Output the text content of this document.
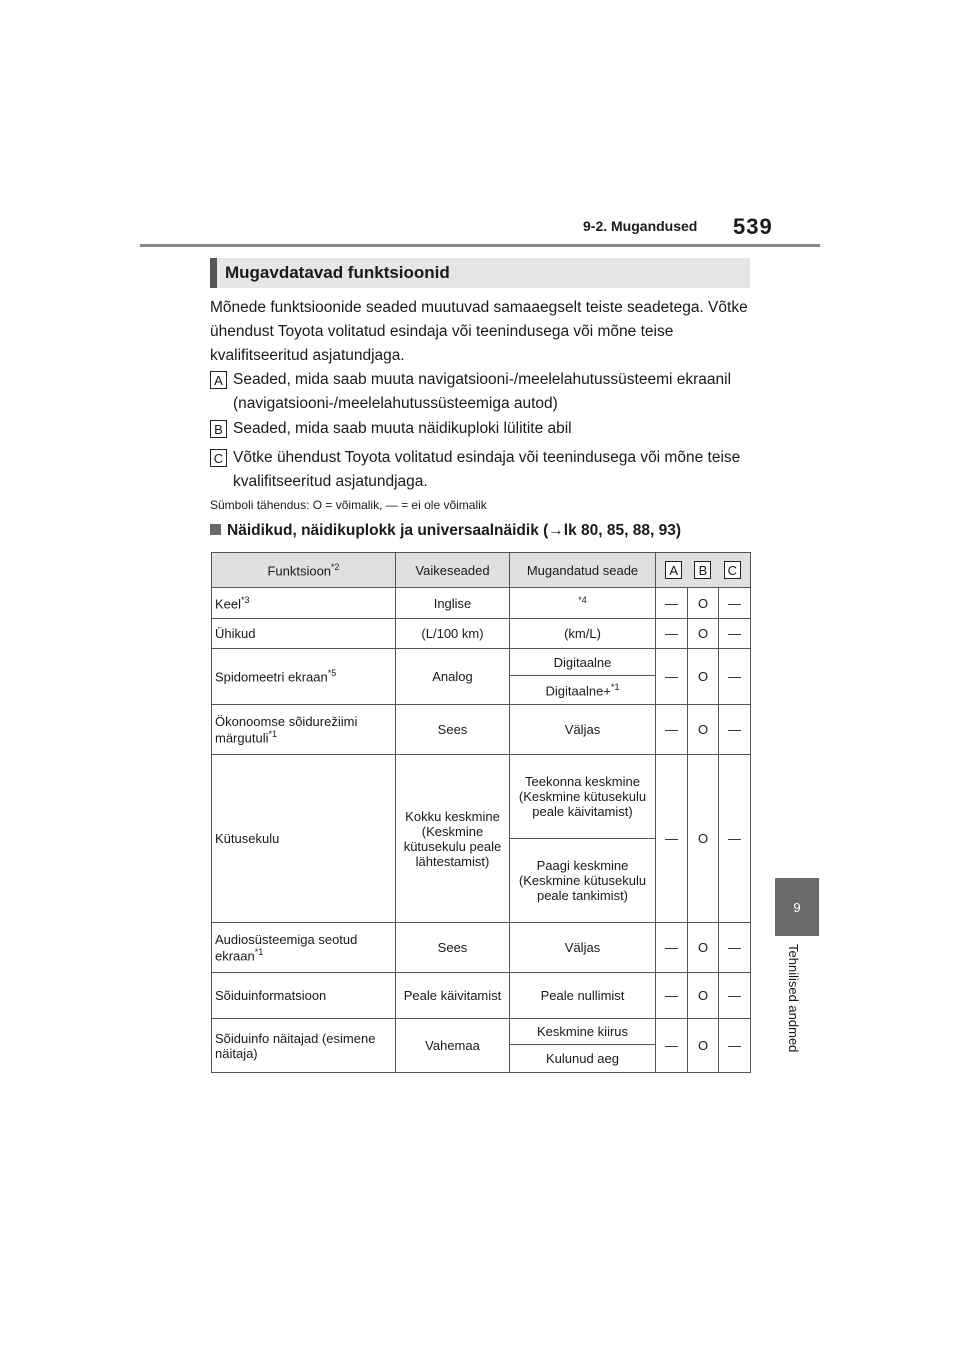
9-2. Mugandused 539
9
Tehnilised andmed
Mugavdatavad funktsioonid

Mõnede funktsioonide seaded muutuvad samaaegselt teiste seadetega. Võtke ühendust Toyota volitatud esindaja või teenindusega või mõne teise kvalifitseeritud asjatundjaga.

A Seaded, mida saab muuta navigatsiooni-/meelelahutussüsteemi ekraanil (navigatsiooni-/meelelahutussüsteemiga autod)
B Seaded, mida saab muuta näidikuploki lülitite abil
C Võtke ühendust Toyota volitatud esindaja või teenindusega või mõne teise kvalifitseeritud asjatundjaga.
Sümboli tähendus: O = võimalik, — = ei ole võimalik
Näidikud, näidikuplokk ja universaalnäidik (→lk 80, 85, 88, 93)
Funktsioon$^{*2}$	Vaikeseaded	Mugandatud seade	A B C		

Keel$^{*3}$	Inglise	$^{*4}$	—	O	—
Ühikud	(L/100 km)	(km/L)	—	O	—
Spidomeetri ekraan$^{*5}$	Analog	Digitaalne	—	O	—
		Digitaalne+$^{*1}$
Ökonoomse sõidurežiimi märgutuli$^{*1}$	Sees	Väljas	—	O	—
Kütusekulu	Kokku keskmine (Keskmine kütusekulu peale lähtestamist)	Teekonna keskmine (Keskmine kütusekulu peale käivitamist)	—	O	—
		Paagi keskmine (Keskmine kütusekulu peale tankimist)			
Audiosüsteemiga seotud ekraan$^{*1}$	Sees	Väljas	—	O	—
Sõiduinformatsioon	Peale käivitamist	Peale nullimist	—	O	—
Sõiduinfo näitajad (esimene näitaja)	Vahemaa	Keskmine kiirus	—	O	—
		Kulunud aeg			
